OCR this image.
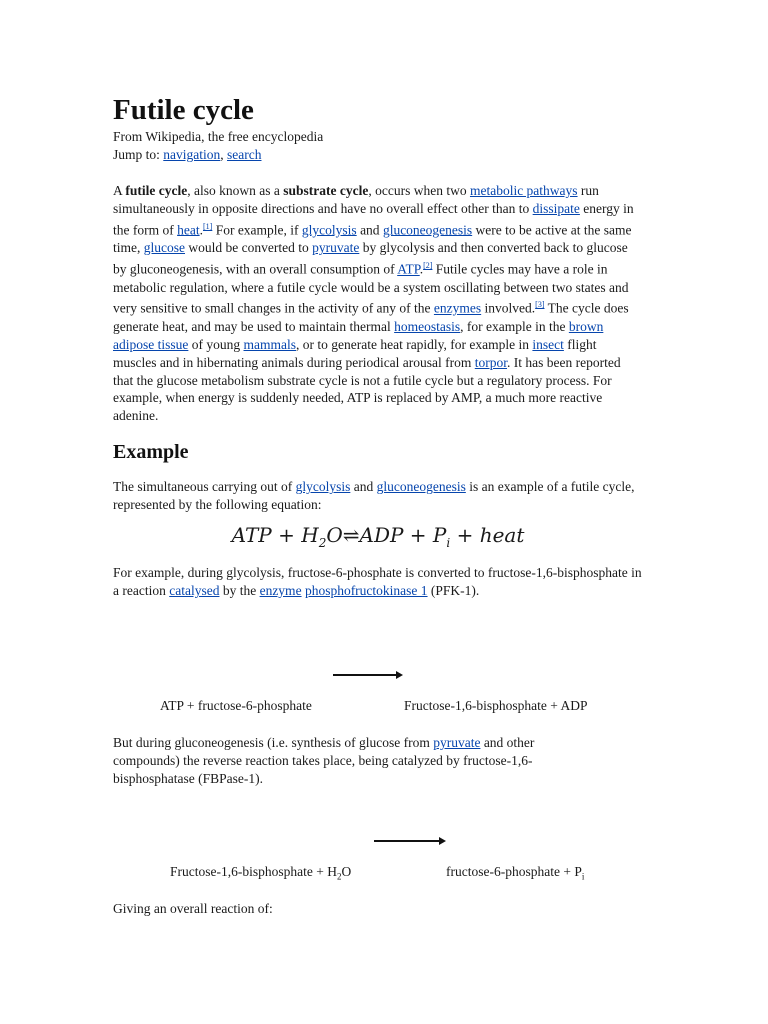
Futile cycle
From Wikipedia, the free encyclopedia
Jump to: navigation, search

A futile cycle, also known as a substrate cycle, occurs when two metabolic pathways run simultaneously in opposite directions and have no overall effect other than to dissipate energy in the form of heat.[1] For example, if glycolysis and gluconeogenesis were to be active at the same time, glucose would be converted to pyruvate by glycolysis and then converted back to glucose by gluconeogenesis, with an overall consumption of ATP.[2] Futile cycles may have a role in metabolic regulation, where a futile cycle would be a system oscillating between two states and very sensitive to small changes in the activity of any of the enzymes involved.[3] The cycle does generate heat, and may be used to maintain thermal homeostasis, for example in the brown adipose tissue of young mammals, or to generate heat rapidly, for example in insect flight muscles and in hibernating animals during periodical arousal from torpor. It has been reported that the glucose metabolism substrate cycle is not a futile cycle but a regulatory process. For example, when energy is suddenly needed, ATP is replaced by AMP, a much more reactive adenine.

Example

The simultaneous carrying out of glycolysis and gluconeogenesis is an example of a futile cycle, represented by the following equation:

ATP + $H_2O\rightleftharpoons ADP + P_i$ + heat

For example, during glycolysis, fructose-6-phosphate is converted to fructose-1,6-bisphosphate in a reaction catalysed by the enzyme phosphofructokinase 1 (PFK-1).

ATP + fructose-6-phosphate	Fructose-1,6-bisphosphate + ADP

But during gluconeogenesis (i.e. synthesis of glucose from pyruvate and other compounds) the reverse reaction takes place, being catalyzed by fructose-1,6-bisphosphatase (FBPase-1).

Fructose-1,6-bisphosphate + $H_2O$	fructose-6-phosphate + $P_i$

Giving an overall reaction of:
